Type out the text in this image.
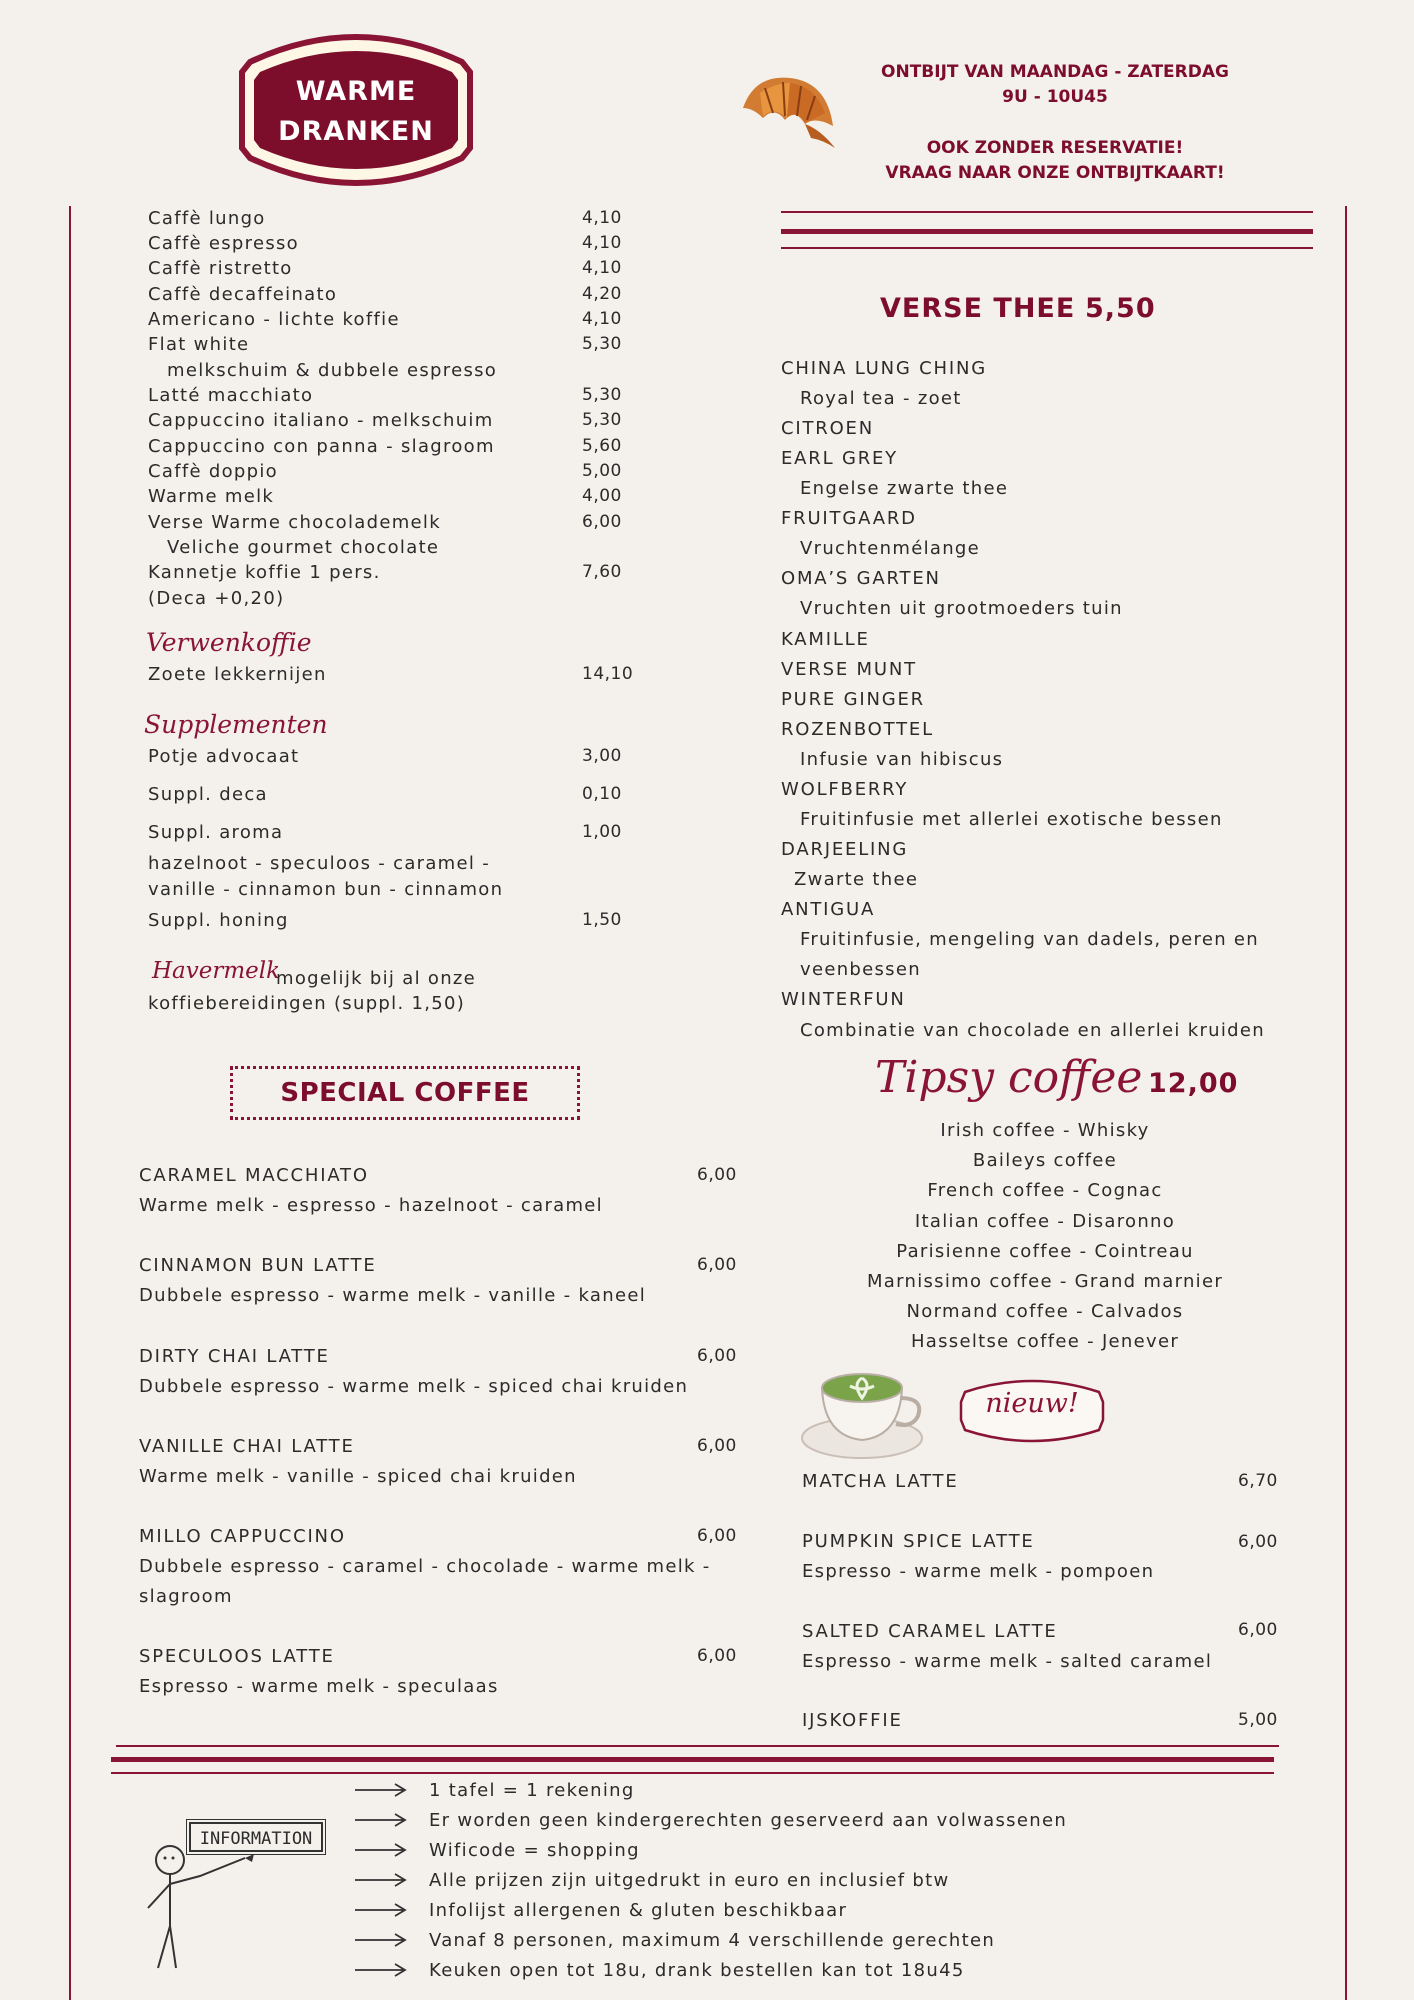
WARME
DRANKEN
ONTBIJT VAN MAANDAG - ZATERDAG
9U - 10U45
OOK ZONDER RESERVATIE!
VRAAG NAAR ONZE ONTBIJTKAART!
Caffè lungo	4,10
Caffè espresso	4,10
Caffè ristretto	4,10
Caffè decaffeinato	4,20
Americano - lichte koffie	4,10
Flat white	5,30
melkschuim & dubbele espresso
Latté macchiato	5,30
Cappuccino italiano - melkschuim	5,30
Cappuccino con panna - slagroom	5,60
Caffè doppio	5,00
Warme melk	4,00
Verse Warme chocolademelk	6,00
Veliche gourmet chocolate
Kannetje koffie 1 pers.	7,60
(Deca +0,20)
Verwenkoffie
Zoete lekkernijen	14,10
Supplementen
Potje advocaat	3,00
Suppl. deca	0,10
Suppl. aroma	1,00
hazelnoot - speculoos - caramel -
vanille - cinnamon bun - cinnamon
Suppl. honing	1,50
Havermelk
mogelijk bij al onze
koffiebereidingen (suppl. 1,50)
SPECIAL COFFEE
CARAMEL MACCHIATO	6,00
Warme melk - espresso - hazelnoot - caramel
CINNAMON BUN LATTE	6,00
Dubbele espresso - warme melk - vanille - kaneel
DIRTY CHAI LATTE	6,00
Dubbele espresso - warme melk - spiced chai kruiden
VANILLE CHAI LATTE	6,00
Warme melk - vanille - spiced chai kruiden
MILLO CAPPUCCINO	6,00
Dubbele espresso - caramel - chocolade - warme melk -
slagroom
SPECULOOS LATTE	6,00
Espresso - warme melk - speculaas
VERSE THEE 5,50
CHINA LUNG CHING
Royal tea - zoet
CITROEN
EARL GREY
Engelse zwarte thee
FRUITGAARD
Vruchtenmélange
OMA’S GARTEN
Vruchten uit grootmoeders tuin
KAMILLE
VERSE MUNT
PURE GINGER
ROZENBOTTEL
Infusie van hibiscus
WOLFBERRY
Fruitinfusie met allerlei exotische bessen
DARJEELING
Zwarte thee
ANTIGUA
Fruitinfusie, mengeling van dadels, peren en
veenbessen
WINTERFUN
Combinatie van chocolade en allerlei kruiden
Tipsy coffee 12,00
Irish coffee - Whisky
Baileys coffee
French coffee - Cognac
Italian coffee - Disaronno
Parisienne coffee - Cointreau
Marnissimo coffee - Grand marnier
Normand coffee - Calvados
Hasseltse coffee - Jenever
nieuw!
MATCHA LATTE	6,70
PUMPKIN SPICE LATTE	6,00
Espresso - warme melk - pompoen
SALTED CARAMEL LATTE	6,00
Espresso - warme melk - salted caramel
IJSKOFFIE	5,00
INFORMATION
1 tafel = 1 rekening
Er worden geen kindergerechten geserveerd aan volwassenen
Wificode = shopping
Alle prijzen zijn uitgedrukt in euro en inclusief btw
Infolijst allergenen & gluten beschikbaar
Vanaf 8 personen, maximum 4 verschillende gerechten
Keuken open tot 18u, drank bestellen kan tot 18u45
